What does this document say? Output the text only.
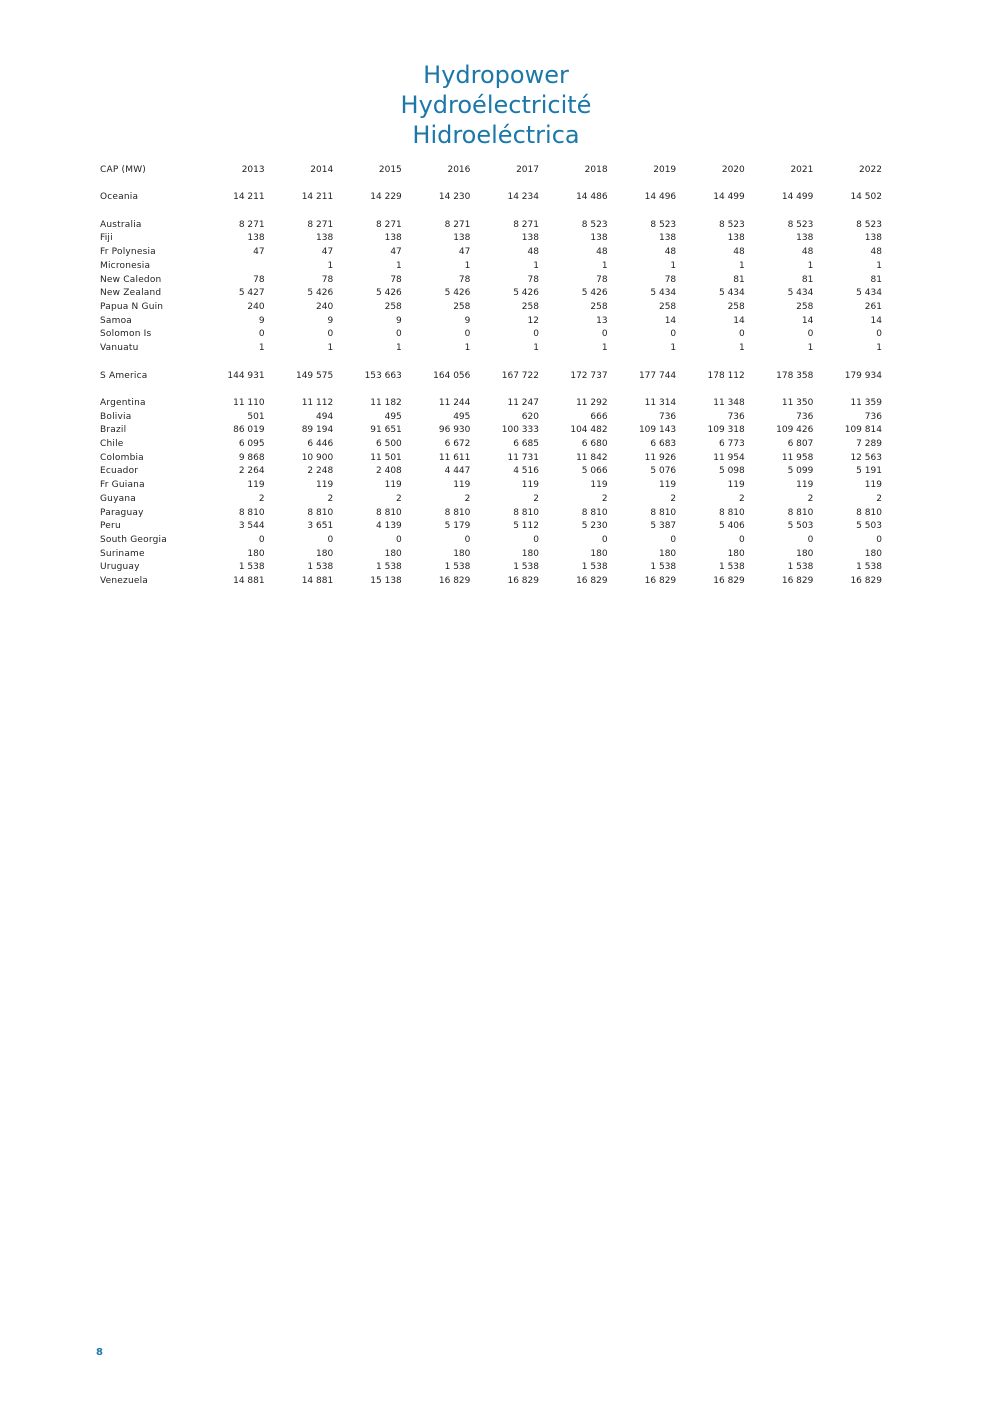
Hydropower
Hydroélectricité
Hidroeléctrica
CAP (MW)	2013	2014	2015	2016	2017	2018	2019	2020	2021	2022

Oceania	14 211	14 211	14 229	14 230	14 234	14 486	14 496	14 499	14 499	14 502

Australia	8 271	8 271	8 271	8 271	8 271	8 523	8 523	8 523	8 523	8 523
Fiji	138	138	138	138	138	138	138	138	138	138
Fr Polynesia	47	47	47	47	48	48	48	48	48	48
Micronesia		1	1	1	1	1	1	1	1	1
New Caledon	78	78	78	78	78	78	78	81	81	81
New Zealand	5 427	5 426	5 426	5 426	5 426	5 426	5 434	5 434	5 434	5 434
Papua N Guin	240	240	258	258	258	258	258	258	258	261
Samoa	9	9	9	9	12	13	14	14	14	14
Solomon Is	0	0	0	0	0	0	0	0	0	0
Vanuatu	1	1	1	1	1	1	1	1	1	1

S America	144 931	149 575	153 663	164 056	167 722	172 737	177 744	178 112	178 358	179 934

Argentina	11 110	11 112	11 182	11 244	11 247	11 292	11 314	11 348	11 350	11 359
Bolivia	501	494	495	495	620	666	736	736	736	736
Brazil	86 019	89 194	91 651	96 930	100 333	104 482	109 143	109 318	109 426	109 814
Chile	6 095	6 446	6 500	6 672	6 685	6 680	6 683	6 773	6 807	7 289
Colombia	9 868	10 900	11 501	11 611	11 731	11 842	11 926	11 954	11 958	12 563
Ecuador	2 264	2 248	2 408	4 447	4 516	5 066	5 076	5 098	5 099	5 191
Fr Guiana	119	119	119	119	119	119	119	119	119	119
Guyana	2	2	2	2	2	2	2	2	2	2
Paraguay	8 810	8 810	8 810	8 810	8 810	8 810	8 810	8 810	8 810	8 810
Peru	3 544	3 651	4 139	5 179	5 112	5 230	5 387	5 406	5 503	5 503
South Georgia	0	0	0	0	0	0	0	0	0	0
Suriname	180	180	180	180	180	180	180	180	180	180
Uruguay	1 538	1 538	1 538	1 538	1 538	1 538	1 538	1 538	1 538	1 538
Venezuela	14 881	14 881	15 138	16 829	16 829	16 829	16 829	16 829	16 829	16 829
8
